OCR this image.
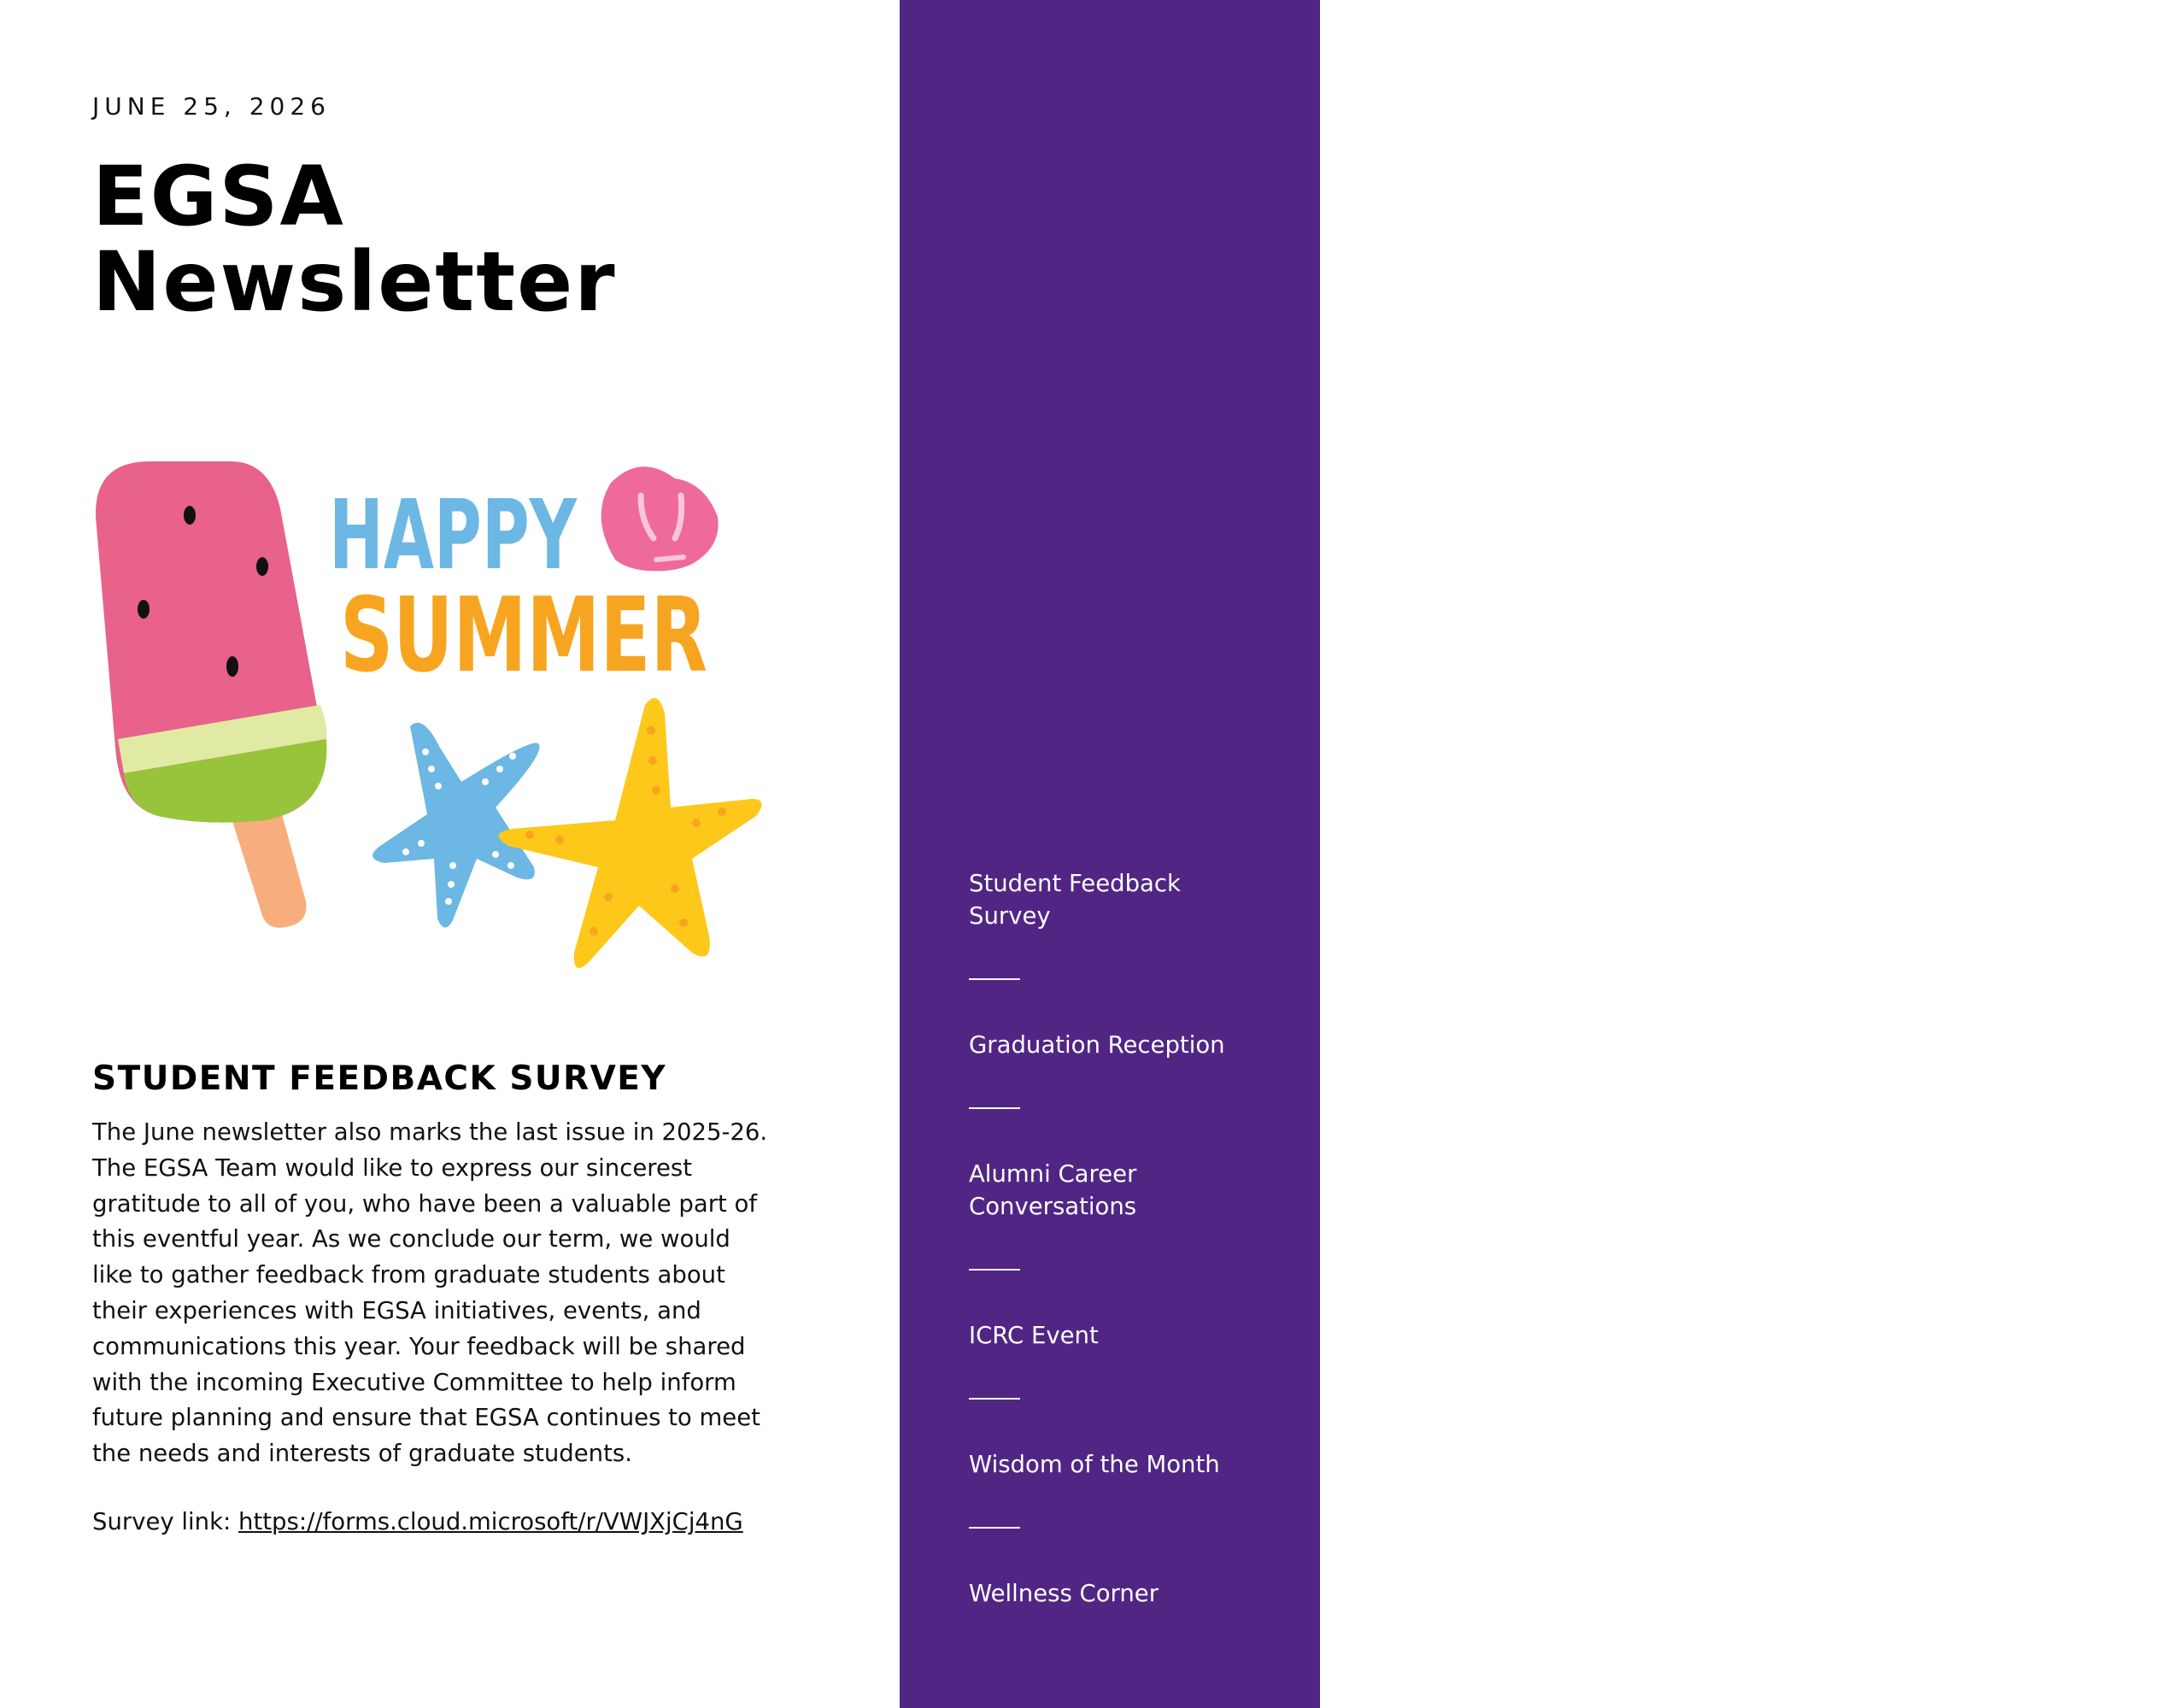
JUNE 25, 2026
EGSA
Newsletter
HAPPY
SUMMER
STUDENT FEEDBACK SURVEY

The June newsletter also marks the last issue in 2025-26. The EGSA Team would like to express our sincerest gratitude to all of you, who have been a valuable part of this eventful year. As we conclude our term, we would like to gather feedback from graduate students about their experiences with EGSA initiatives, events, and communications this year. Your feedback will be shared with the incoming Executive Committee to help inform future planning and ensure that EGSA continues to meet the needs and interests of graduate students.

Survey link: https://forms.cloud.microsoft/r/VWJXjCj4nG

Newsletter
Highlights
Student Feedback Survey
Graduation Reception
Alumni Career Conversations
ICRC Event
Wisdom of the Month
Wellness Corner
